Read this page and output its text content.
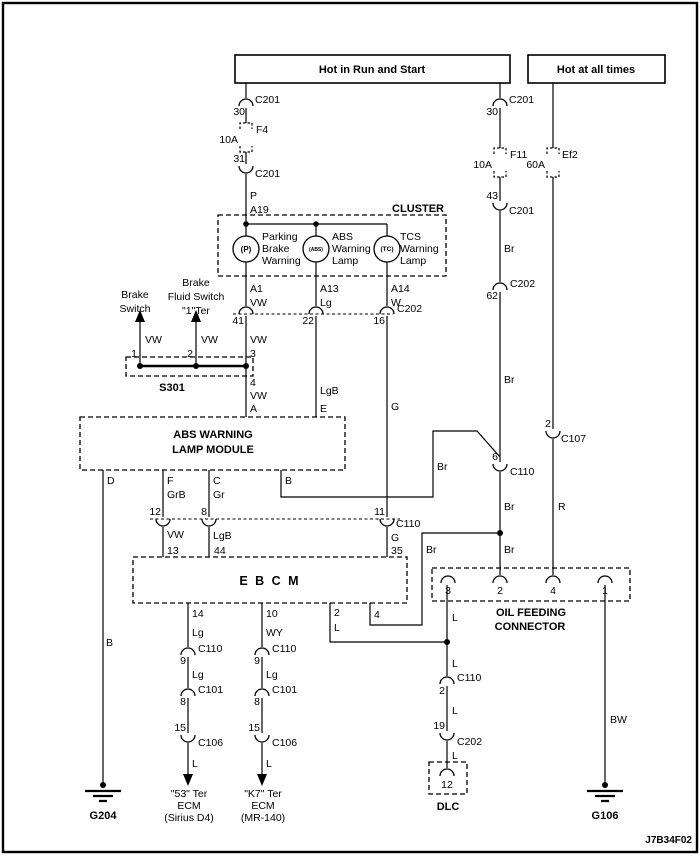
Hot in Run and Start	Hot at all times
(P)	(ABS)	(TC)
30
C201
10A
F4
31
C201
P
A19	CLUSTER
Parking
Brake
Warning
ABS
Warning
Lamp
TCS
Warning
Lamp
A1
VW
A13
Lg
A14
W
41	22	16
C202
Brake
Switch
Brake
Fluid Switch
"1"Ter
VW	VW
1	2
VW
3
S301	4
VW
A
ABS WARNING
LAMP MODULE
LgB
E	G
D	F
GrB
C
Gr
B
Br
12	8	11
C110
VW	LgB	G
13	44	35
E B C M
14	10	2	4
Lg	WY	L
Br
9
C110
9
C110
Lg	Lg
8
C101
8
C101
15
C106
15
C106
L	L
"53" Ter
ECM
(Sirius D4)
"K7" Ter
ECM
(MR-140)
30
C201
10A
F11
43
C201
Br
62
C202
Br
6
C110
Br
Br
60A
Ef2
2
C107
R
3	2	4	1
OIL FEEDING
CONNECTOR
L
L
2
C110
L
19
C202
L
12
DLC
B
G204
BW
G106
J7B34F02
